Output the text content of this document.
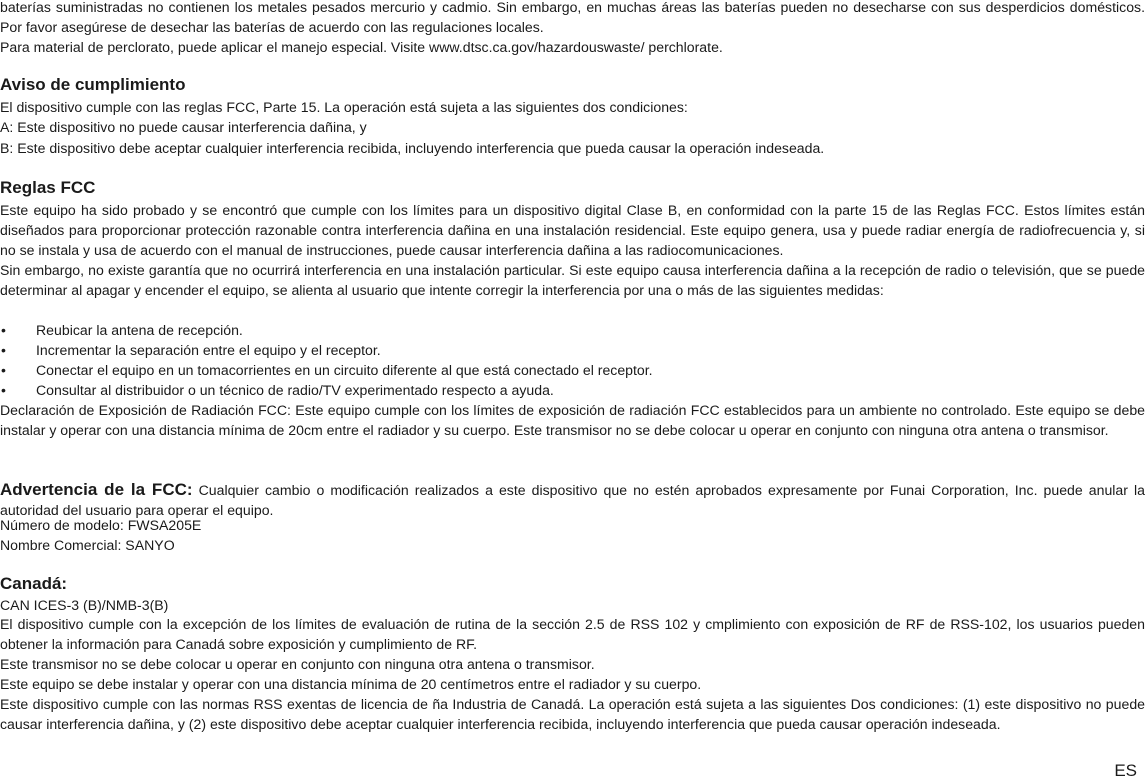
baterías suministradas no contienen los metales pesados mercurio y cadmio. Sin embargo, en muchas áreas las baterías pueden no desecharse con sus desperdicios domésticos. Por favor asegúrese de desechar las baterías de acuerdo con las regulaciones locales.

Para material de perclorato, puede aplicar el manejo especial. Visite www.dtsc.ca.gov/hazardouswaste/ perchlorate.

Aviso de cumplimiento

El dispositivo cumple con las reglas FCC, Parte 15. La operación está sujeta a las siguientes dos condiciones:

A: Este dispositivo no puede causar interferencia dañina, y

B: Este dispositivo debe aceptar cualquier interferencia recibida, incluyendo interferencia que pueda causar la operación indeseada.

Reglas FCC

Este equipo ha sido probado y se encontró que cumple con los límites para un dispositivo digital Clase B, en conformidad con la parte 15 de las Reglas FCC. Estos límites están diseñados para proporcionar protección razonable contra interferencia dañina en una instalación residencial. Este equipo genera, usa y puede radiar energía de radiofrecuencia y, si no se instala y usa de acuerdo con el manual de instrucciones, puede causar interferencia dañina a las radiocomunicaciones.

Sin embargo, no existe garantía que no ocurrirá interferencia en una instalación particular. Si este equipo causa interferencia dañina a la recepción de radio o televisión, que se puede determinar al apagar y encender el equipo, se alienta al usuario que intente corregir la interferencia por una o más de las siguientes medidas:

• Reubicar la antena de recepción.
• Incrementar la separación entre el equipo y el receptor.
• Conectar el equipo en un tomacorrientes en un circuito diferente al que está conectado el receptor.
• Consultar al distribuidor o un técnico de radio/TV experimentado respecto a ayuda.

Declaración de Exposición de Radiación FCC: Este equipo cumple con los límites de exposición de radiación FCC establecidos para un ambiente no controlado. Este equipo se debe instalar y operar con una distancia mínima de 20cm entre el radiador y su cuerpo. Este transmisor no se debe colocar u operar en conjunto con ninguna otra antena o transmisor.

Advertencia de la FCC: Cualquier cambio o modificación realizados a este dispositivo que no estén aprobados expresamente por Funai Corporation, Inc. puede anular la autoridad del usuario para operar el equipo.

Número de modelo: FWSA205E

Nombre Comercial: SANYO

Canadá:

CAN ICES-3 (B)/NMB-3(B)

El dispositivo cumple con la excepción de los límites de evaluación de rutina de la sección 2.5 de RSS 102 y cmplimiento con exposición de RF de RSS-102, los usuarios pueden obtener la información para Canadá sobre exposición y cumplimiento de RF.

Este transmisor no se debe colocar u operar en conjunto con ninguna otra antena o transmisor.

Este equipo se debe instalar y operar con una distancia mínima de 20 centímetros entre el radiador y su cuerpo.

Este dispositivo cumple con las normas RSS exentas de licencia de ña Industria de Canadá. La operación está sujeta a las siguientes Dos condiciones: (1) este dispositivo no puede causar interferencia dañina, y (2) este dispositivo debe aceptar cualquier interferencia recibida, incluyendo interferencia que pueda causar operación indeseada.

ES
